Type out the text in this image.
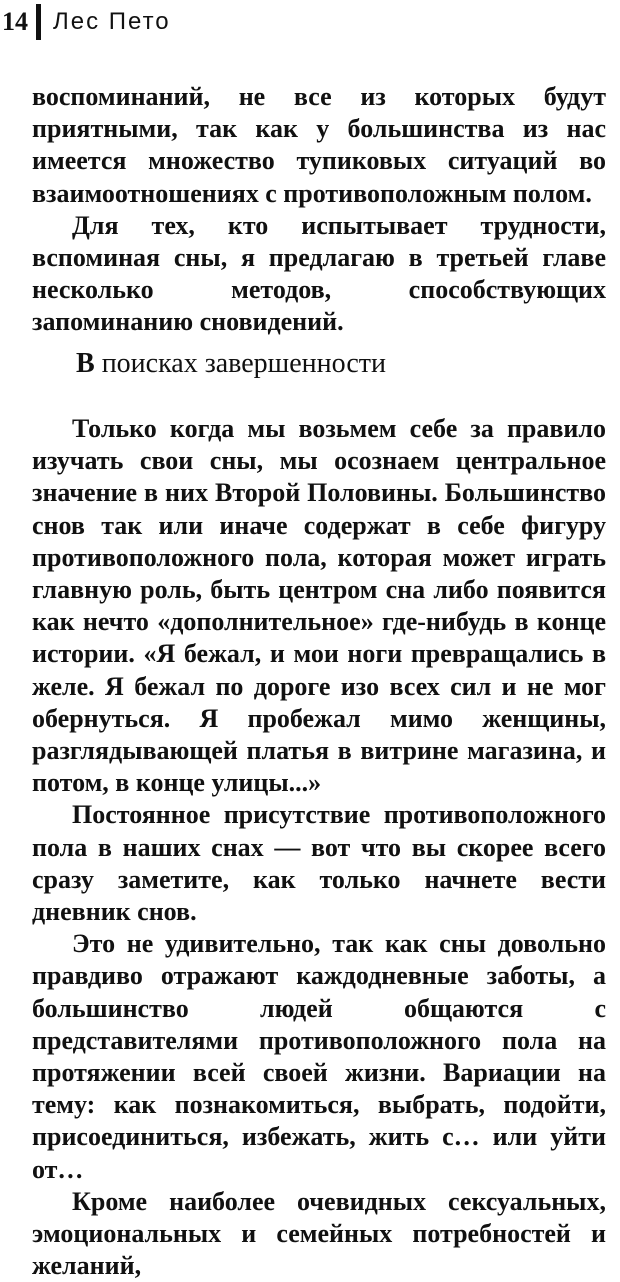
14 Лес Пето

воспоминаний, не все из которых будут приятными, так как у большинства из нас имеется множество тупиковых ситуаций во взаимоотношениях с противоположным полом.

Для тех, кто испытывает трудности, вспоминая сны, я предлагаю в третьей главе несколько методов, способствующих запоминанию сновидений.

В поисках завершенности

Только когда мы возьмем себе за правило изучать свои сны, мы осознаем центральное значение в них Второй Половины. Большинство снов так или иначе содержат в себе фигуру противоположного пола, которая может играть главную роль, быть центром сна либо появится как нечто «дополнительное» где-нибудь в конце истории. «Я бежал, и мои ноги превращались в желе. Я бежал по дороге изо всех сил и не мог обернуться. Я пробежал мимо женщины, разглядывающей платья в витрине магазина, и потом, в конце улицы...»

Постоянное присутствие противоположного пола в наших снах — вот что вы скорее всего сразу заметите, как только начнете вести дневник снов.

Это не удивительно, так как сны довольно правдиво отражают каждодневные заботы, а большинство людей общаются с представителями противоположного пола на протяжении всей своей жизни. Вариации на тему: как познакомиться, выбрать, подойти, присоединиться, избежать, жить с… или уйти от…

Кроме наиболее очевидных сексуальных, эмоциональных и семейных потребностей и желаний,
